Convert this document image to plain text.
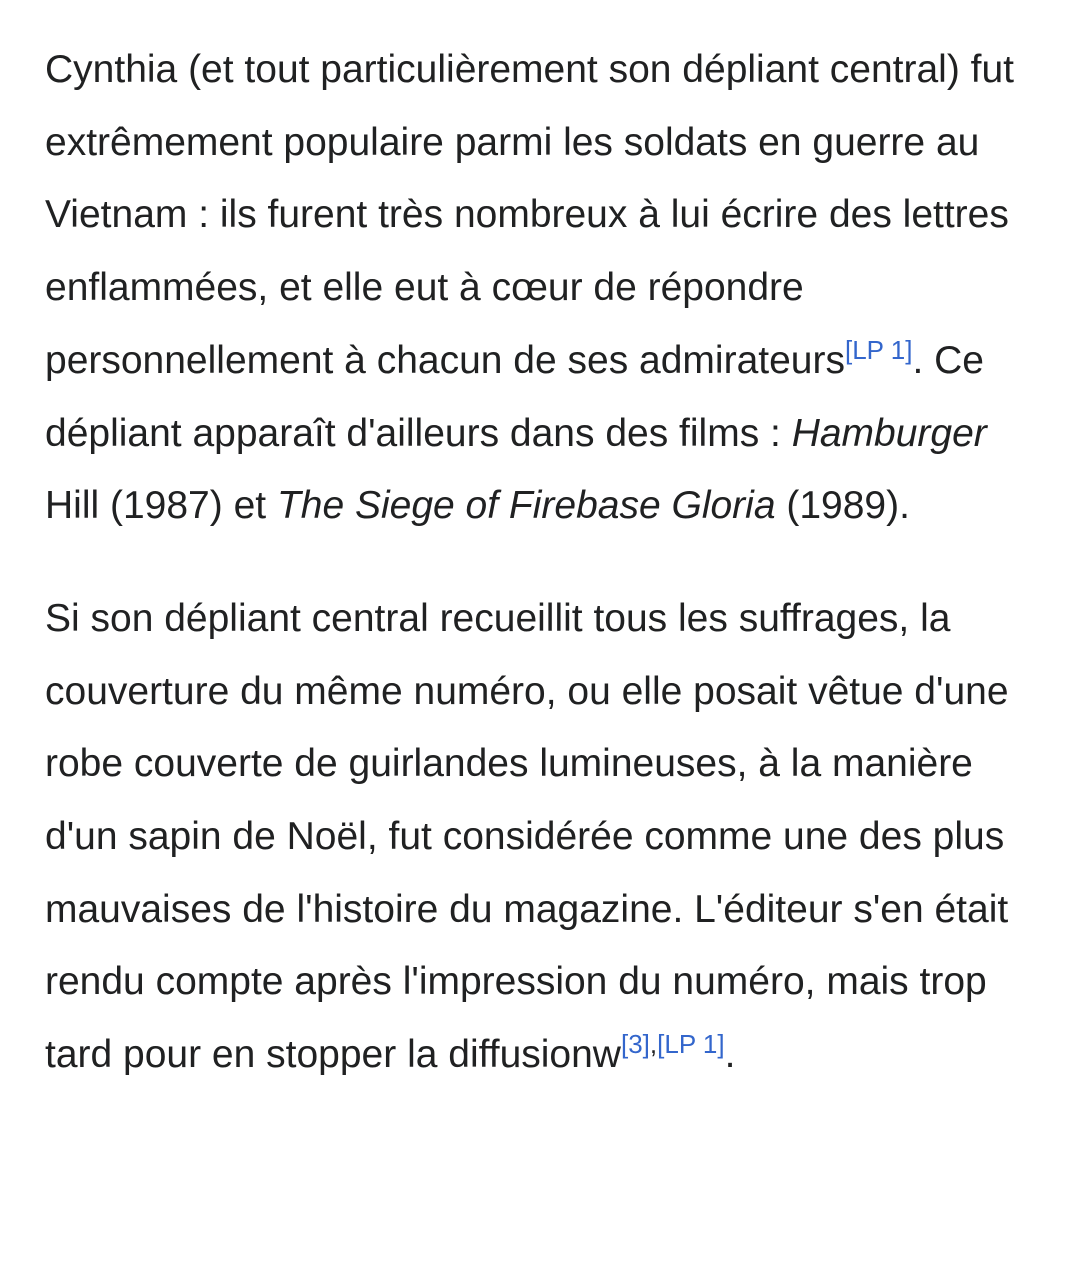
Cynthia (et tout particulièrement son dépliant central) fut extrêmement populaire parmi les soldats en guerre au Vietnam : ils furent très nombreux à lui écrire des lettres enflammées, et elle eut à cœur de répondre personnellement à chacun de ses admirateurs[LP 1]. Ce dépliant apparaît d'ailleurs dans des films : Hamburger Hill (1987) et The Siege of Firebase Gloria (1989).

Si son dépliant central recueillit tous les suffrages, la couverture du même numéro, ou elle posait vêtue d'une robe couverte de guirlandes lumineuses, à la manière d'un sapin de Noël, fut considérée comme une des plus mauvaises de l'histoire du magazine. L'éditeur s'en était rendu compte après l'impression du numéro, mais trop tard pour en stopper la diffusionw[3],[LP 1].
